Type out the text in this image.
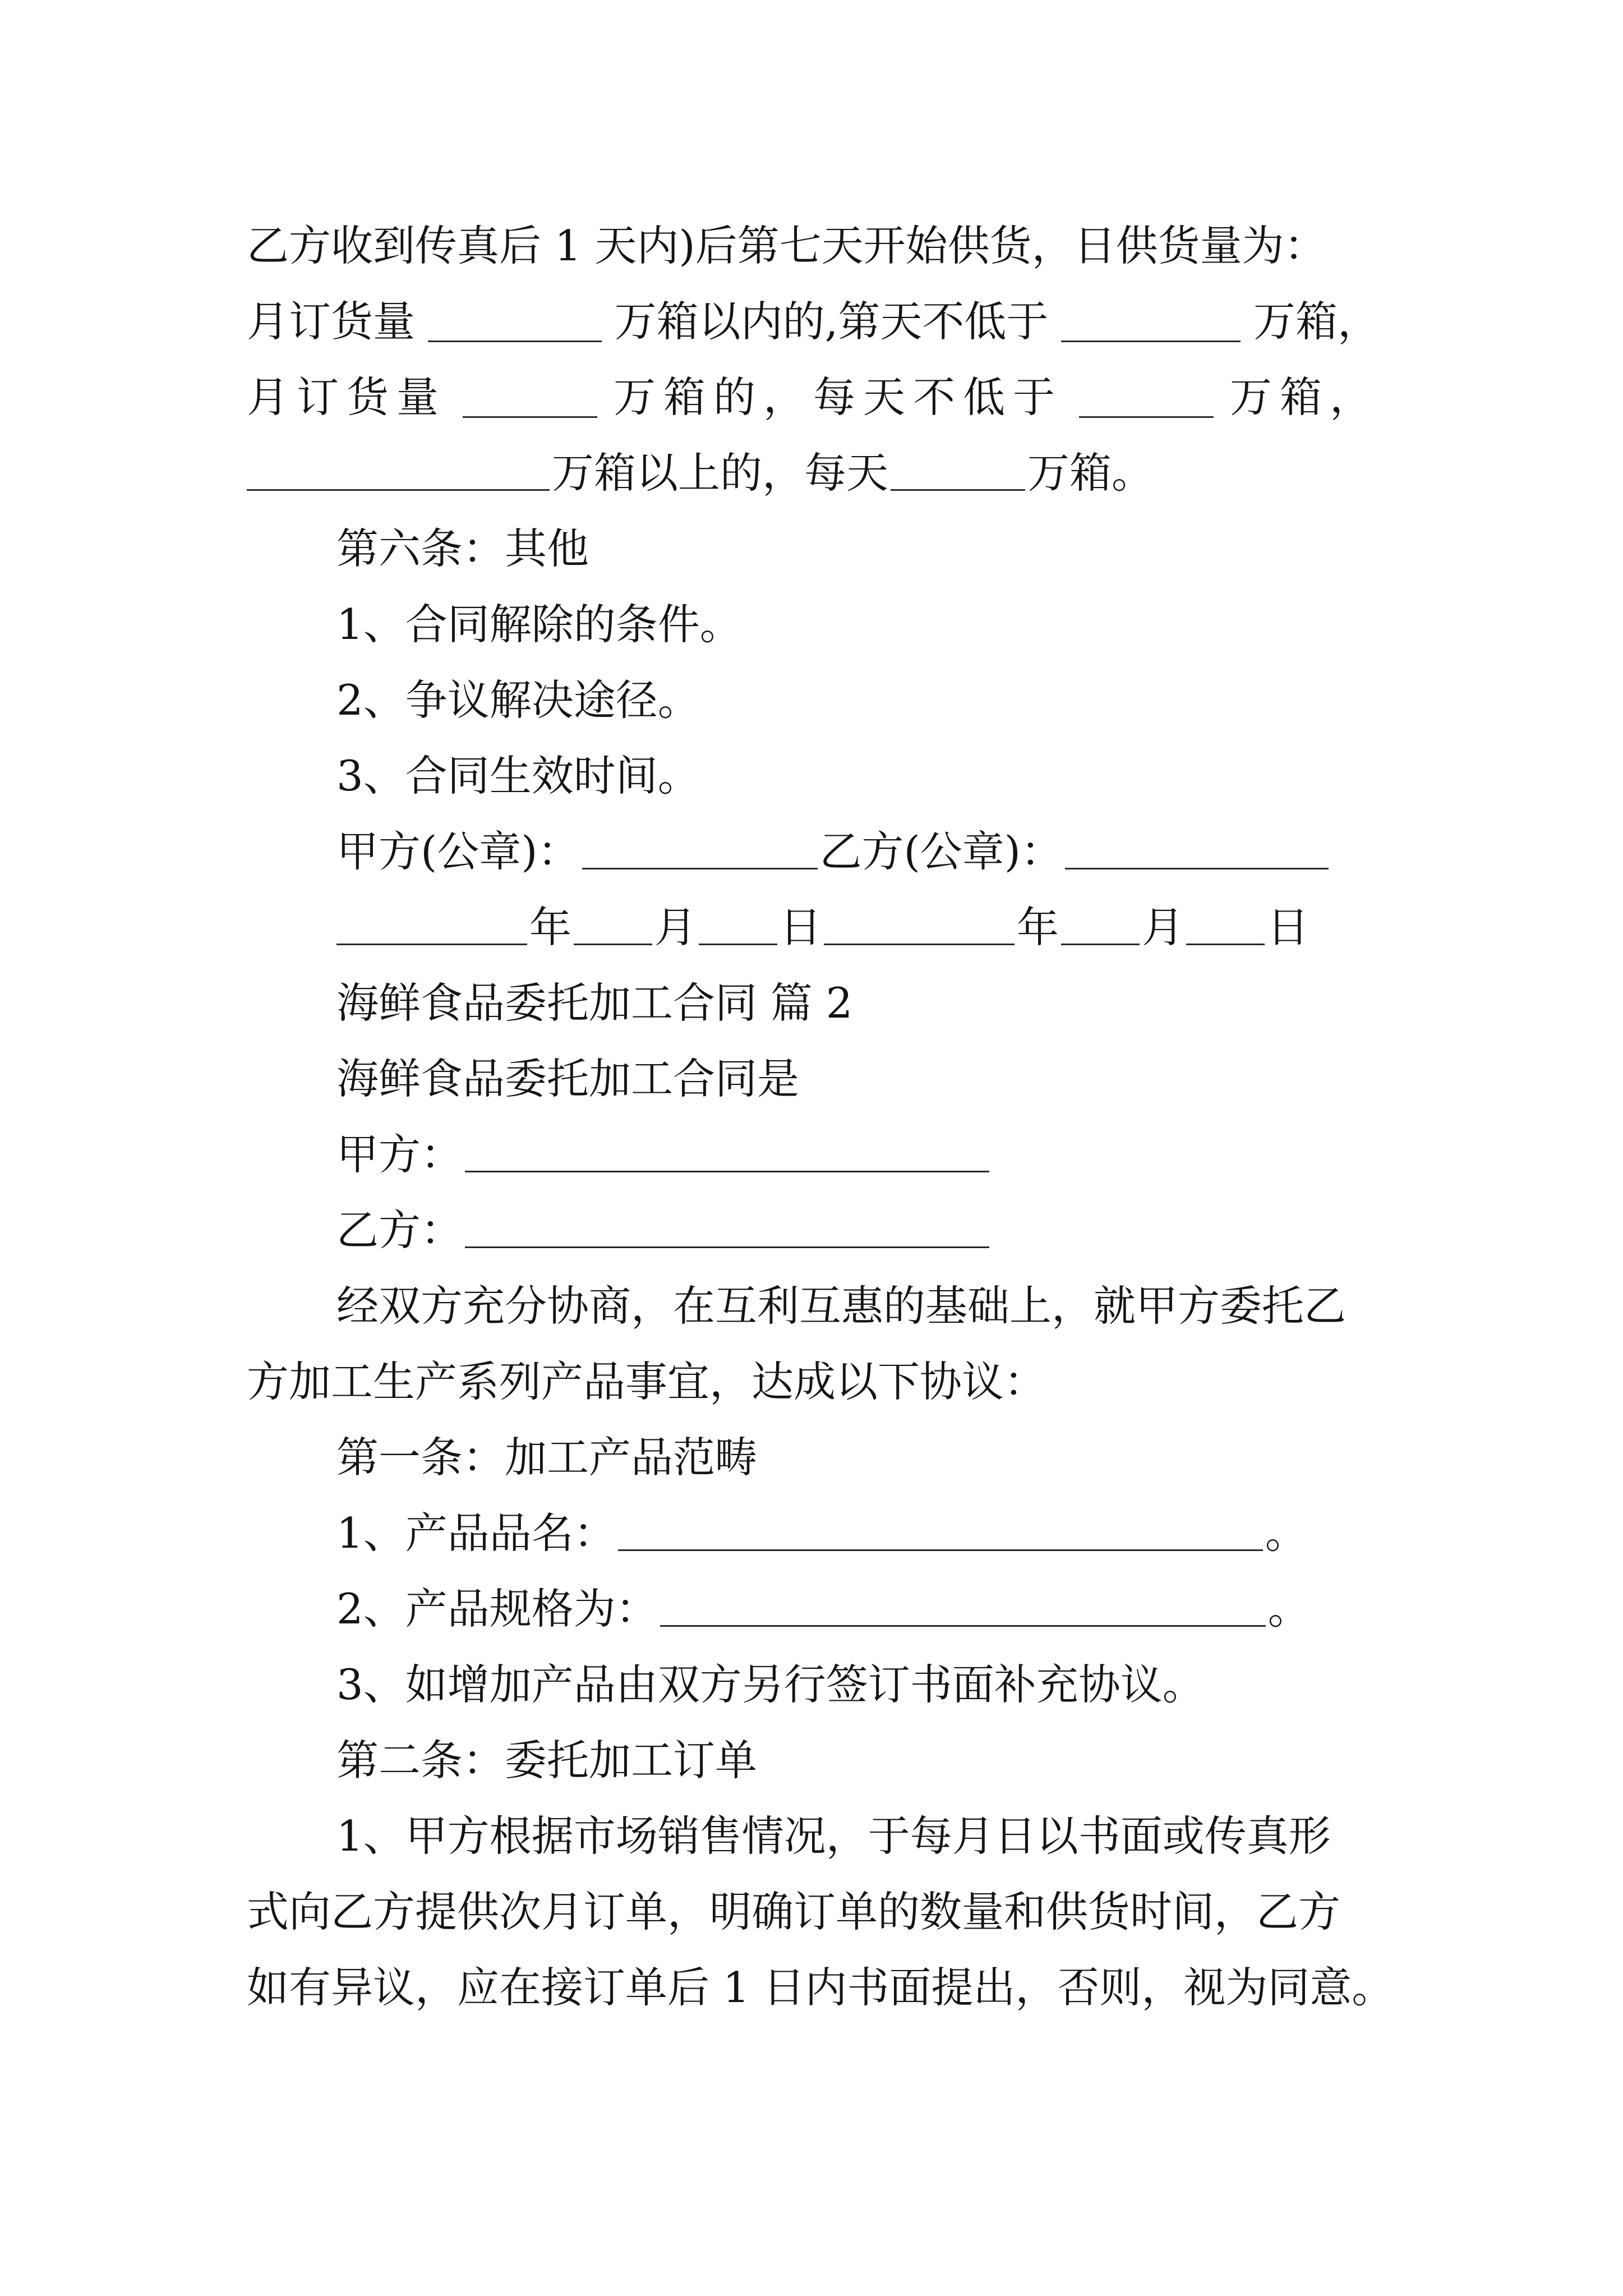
乙方收到传真后 1 天内)后第七天开始供货，日供货量为：
月订货量	万箱以内的,第天不低于	万箱，
月订货量	万箱的，每天不低于	万箱，
万箱以上的，每天	万箱。
第六条：其他
1、合同解除的条件。
2、争议解决途径。
3、合同生效时间。
甲方(公章)：	乙方(公章)：
年 月 日	年 月 日
海鲜食品委托加工合同 篇 2
海鲜食品委托加工合同是
甲方：
乙方：
经双方充分协商，在互利互惠的基础上，就甲方委托乙
方加工生产系列产品事宜，达成以下协议：
第一条：加工产品范畴
1、产品品名：	。
2、产品规格为：	。
3、如增加产品由双方另行签订书面补充协议。
第二条：委托加工订单
1、甲方根据市场销售情况，于每月日以书面或传真形
式向乙方提供次月订单，明确订单的数量和供货时间，乙方
如有异议，应在接订单后 1 日内书面提出，否则，视为同意。
